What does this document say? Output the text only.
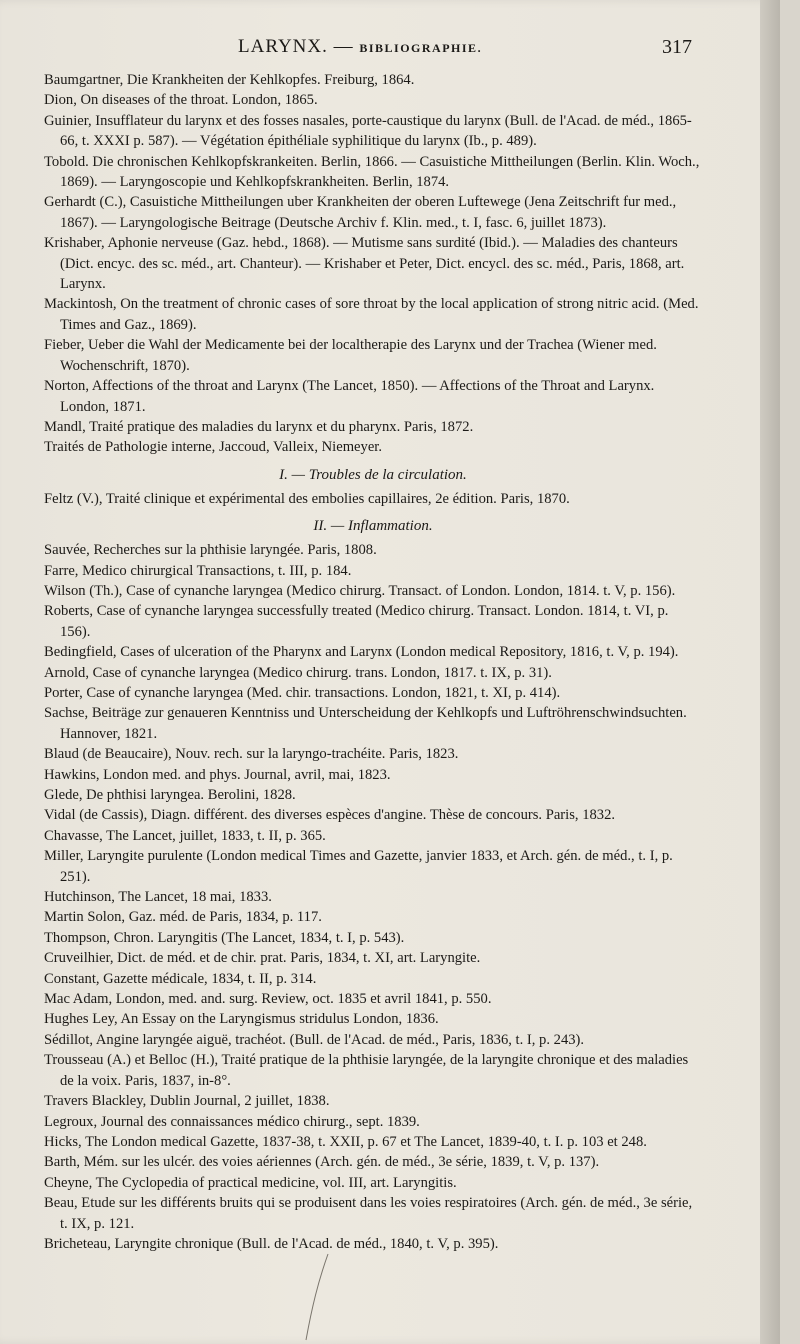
LARYNX. — BIBLIOGRAPHIE.	317

Baumgartner, Die Krankheiten der Kehlkopfes. Freiburg, 1864.

Dion, On diseases of the throat. London, 1865.

Guinier, Insufflateur du larynx et des fosses nasales, porte-caustique du larynx (Bull. de l'Acad. de méd., 1865-66, t. XXXI p. 587). — Végétation épithéliale syphilitique du larynx (Ib., p. 489).

Tobold. Die chronischen Kehlkopfskrankeiten. Berlin, 1866. — Casuistiche Mittheilungen (Berlin. Klin. Woch., 1869). — Laryngoscopie und Kehlkopfskrankheiten. Berlin, 1874.

Gerhardt (C.), Casuistiche Mittheilungen uber Krankheiten der oberen Luftewege (Jena Zeitschrift fur med., 1867). — Laryngologische Beitrage (Deutsche Archiv f. Klin. med., t. I, fasc. 6, juillet 1873).

Krishaber, Aphonie nerveuse (Gaz. hebd., 1868). — Mutisme sans surdité (Ibid.). — Maladies des chanteurs (Dict. encyc. des sc. méd., art. Chanteur). — Krishaber et Peter, Dict. encycl. des sc. méd., Paris, 1868, art. Larynx.

Mackintosh, On the treatment of chronic cases of sore throat by the local application of strong nitric acid. (Med. Times and Gaz., 1869).

Fieber, Ueber die Wahl der Medicamente bei der localtherapie des Larynx und der Trachea (Wiener med. Wochenschrift, 1870).

Norton, Affections of the throat and Larynx (The Lancet, 1850). — Affections of the Throat and Larynx. London, 1871.

Mandl, Traité pratique des maladies du larynx et du pharynx. Paris, 1872.

Traités de Pathologie interne, Jaccoud, Valleix, Niemeyer.

I. — Troubles de la circulation.

Feltz (V.), Traité clinique et expérimental des embolies capillaires, 2e édition. Paris, 1870.

II. — Inflammation.

Sauvée, Recherches sur la phthisie laryngée. Paris, 1808.

Farre, Medico chirurgical Transactions, t. III, p. 184.

Wilson (Th.), Case of cynanche laryngea (Medico chirurg. Transact. of London. London, 1814. t. V, p. 156).

Roberts, Case of cynanche laryngea successfully treated (Medico chirurg. Transact. London. 1814, t. VI, p. 156).

Bedingfield, Cases of ulceration of the Pharynx and Larynx (London medical Repository, 1816, t. V, p. 194).

Arnold, Case of cynanche laryngea (Medico chirurg. trans. London, 1817. t. IX, p. 31).

Porter, Case of cynanche laryngea (Med. chir. transactions. London, 1821, t. XI, p. 414).

Sachse, Beiträge zur genaueren Kenntniss und Unterscheidung der Kehlkopfs und Luftröhrenschwindsuchten. Hannover, 1821.

Blaud (de Beaucaire), Nouv. rech. sur la laryngo-trachéite. Paris, 1823.

Hawkins, London med. and phys. Journal, avril, mai, 1823.

Glede, De phthisi laryngea. Berolini, 1828.

Vidal (de Cassis), Diagn. différent. des diverses espèces d'angine. Thèse de concours. Paris, 1832.

Chavasse, The Lancet, juillet, 1833, t. II, p. 365.

Miller, Laryngite purulente (London medical Times and Gazette, janvier 1833, et Arch. gén. de méd., t. I, p. 251).

Hutchinson, The Lancet, 18 mai, 1833.

Martin Solon, Gaz. méd. de Paris, 1834, p. 117.

Thompson, Chron. Laryngitis (The Lancet, 1834, t. I, p. 543).

Cruveilhier, Dict. de méd. et de chir. prat. Paris, 1834, t. XI, art. Laryngite.

Constant, Gazette médicale, 1834, t. II, p. 314.

Mac Adam, London, med. and. surg. Review, oct. 1835 et avril 1841, p. 550.

Hughes Ley, An Essay on the Laryngismus stridulus London, 1836.

Sédillot, Angine laryngée aiguë, trachéot. (Bull. de l'Acad. de méd., Paris, 1836, t. I, p. 243).

Trousseau (A.) et Belloc (H.), Traité pratique de la phthisie laryngée, de la laryngite chronique et des maladies de la voix. Paris, 1837, in-8°.

Travers Blackley, Dublin Journal, 2 juillet, 1838.

Legroux, Journal des connaissances médico chirurg., sept. 1839.

Hicks, The London medical Gazette, 1837-38, t. XXII, p. 67 et The Lancet, 1839-40, t. I. p. 103 et 248.

Barth, Mém. sur les ulcér. des voies aériennes (Arch. gén. de méd., 3e série, 1839, t. V, p. 137).

Cheyne, The Cyclopedia of practical medicine, vol. III, art. Laryngitis.

Beau, Etude sur les différents bruits qui se produisent dans les voies respiratoires (Arch. gén. de méd., 3e série, t. IX, p. 121.

Bricheteau, Laryngite chronique (Bull. de l'Acad. de méd., 1840, t. V, p. 395).
